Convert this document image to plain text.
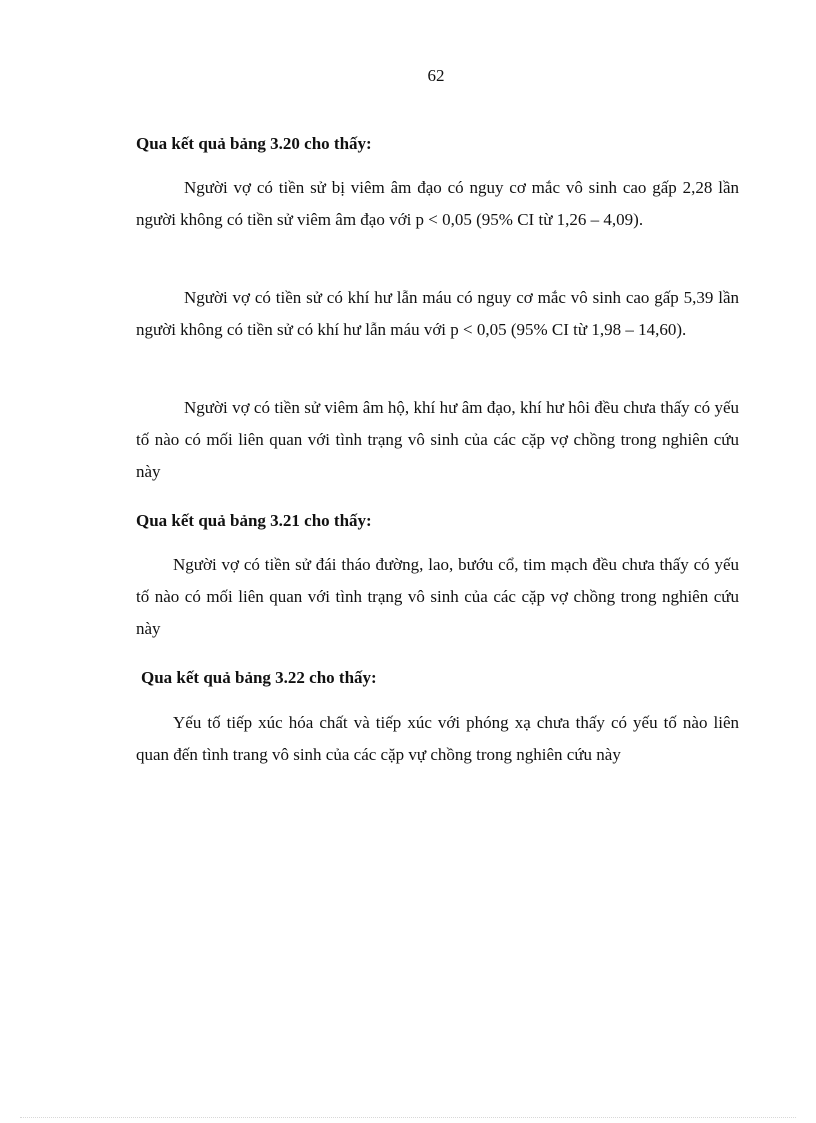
62
Qua kết quả bảng 3.20 cho thấy:

Người vợ có tiền sử bị viêm âm đạo có nguy cơ mắc vô sinh cao gấp 2,28 lần người không có tiền sử viêm âm đạo với p < 0,05 (95% CI từ 1,26 – 4,09).

Người vợ có tiền sử có khí hư lẫn máu có nguy cơ mắc vô sinh cao gấp 5,39 lần người không có tiền sử có khí hư lẫn máu với p < 0,05 (95% CI từ 1,98 – 14,60).

Người vợ có tiền sử viêm âm hộ, khí hư âm đạo, khí hư hôi đều chưa thấy có yếu tố nào có mối liên quan với tình trạng vô sinh của các cặp vợ chồng trong nghiên cứu này

Qua kết quả bảng 3.21 cho thấy:

Người vợ có tiền sử đái tháo đường, lao, bướu cổ, tim mạch đều chưa thấy có yếu tố nào có mối liên quan với tình trạng vô sinh của các cặp vợ chồng trong nghiên cứu này

Qua kết quả bảng 3.22 cho thấy:

Yếu tố tiếp xúc hóa chất và tiếp xúc với phóng xạ chưa thấy có yếu tố nào liên quan đến tình trang vô sinh của các cặp vự chồng trong nghiên cứu này
